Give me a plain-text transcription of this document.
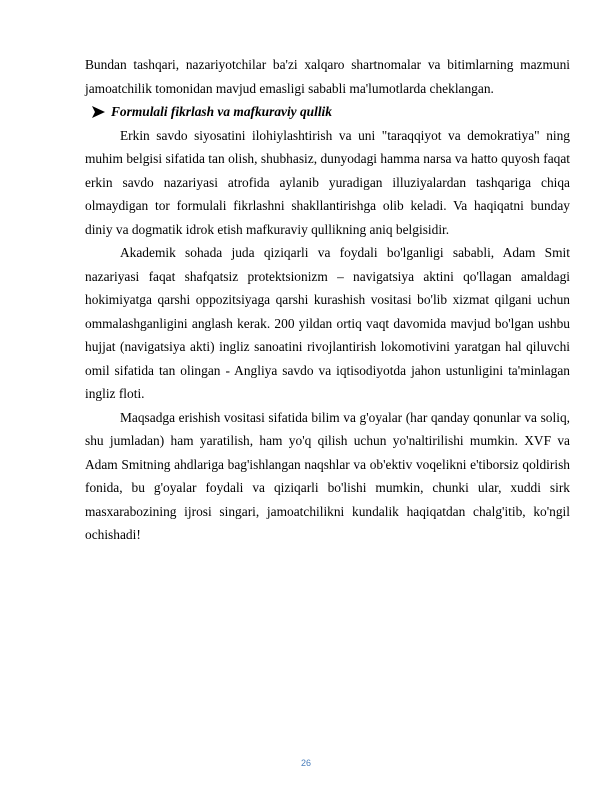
Bundan tashqari, nazariyotchilar ba'zi xalqaro shartnomalar va bitimlarning mazmuni jamoatchilik tomonidan mavjud emasligi sababli ma'lumotlarda cheklangan.

Formulali fikrlash va mafkuraviy qullik

Erkin savdo siyosatini ilohiylashtirish va uni "taraqqiyot va demokratiya" ning muhim belgisi sifatida tan olish, shubhasiz, dunyodagi hamma narsa va hatto quyosh faqat erkin savdo nazariyasi atrofida aylanib yuradigan illuziyalardan tashqariga chiqa olmaydigan tor formulali fikrlashni shakllantirishga olib keladi. Va haqiqatni bunday diniy va dogmatik idrok etish mafkuraviy qullikning aniq belgisidir.

Akademik sohada juda qiziqarli va foydali bo'lganligi sababli, Adam Smit nazariyasi faqat shafqatsiz protektsionizm – navigatsiya aktini qo'llagan amaldagi hokimiyatga qarshi oppozitsiyaga qarshi kurashish vositasi bo'lib xizmat qilgani uchun ommalashganligini anglash kerak. 200 yildan ortiq vaqt davomida mavjud bo'lgan ushbu hujjat (navigatsiya akti) ingliz sanoatini rivojlantirish lokomotivini yaratgan hal qiluvchi omil sifatida tan olingan - Angliya savdo va iqtisodiyotda jahon ustunligini ta'minlagan ingliz floti.

Maqsadga erishish vositasi sifatida bilim va g'oyalar (har qanday qonunlar va soliq, shu jumladan) ham yaratilish, ham yo'q qilish uchun yo'naltirilishi mumkin. XVF va Adam Smitning ahdlariga bag'ishlangan naqshlar va ob'ektiv voqelikni e'tiborsiz qoldirish fonida, bu g'oyalar foydali va qiziqarli bo'lishi mumkin, chunki ular, xuddi sirk masxarabozining ijrosi singari, jamoatchilikni kundalik haqiqatdan chalg'itib, ko'ngil ochishadi!

26
